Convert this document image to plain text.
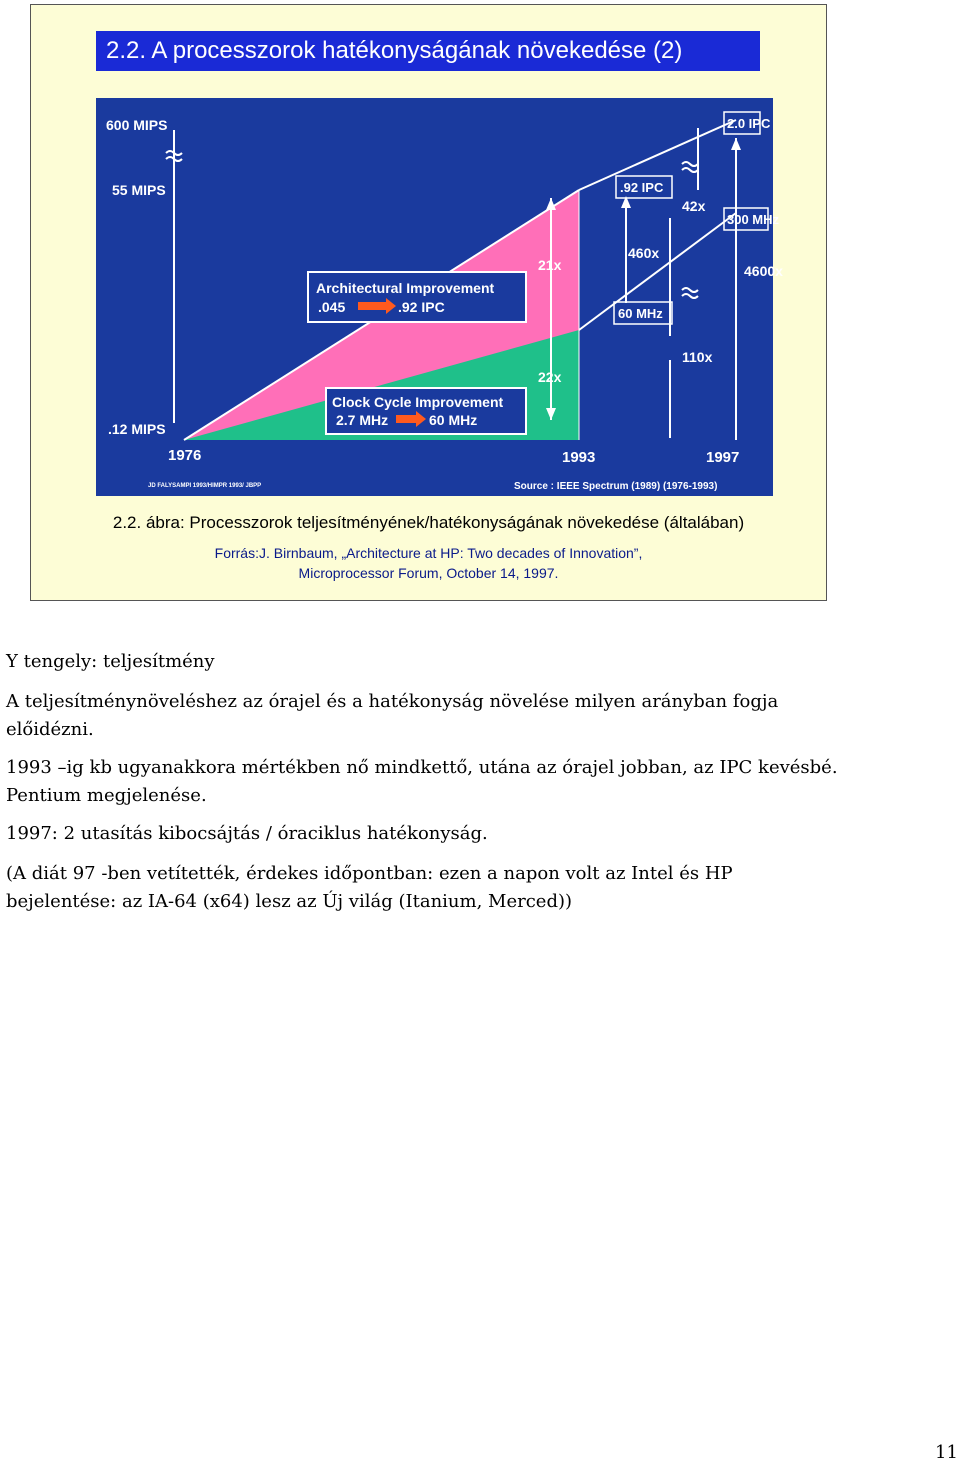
2.2. A processzorok hatékonyságának növekedése (2)
600 MIPS
55 MIPS
.12 MIPS
1976	1993	1997
Architectural Improvement
.045	.92 IPC
Clock Cycle Improvement
2.7 MHz	60 MHz
2.0 IPC
.92 IPC
300 MHz
60 MHz
21x
22x
460x
42x
4600x
110x
JD FALYSAMPI 1993/HIMPR 1993/ JBPP	Source : IEEE Spectrum (1989) (1976-1993)
2.2. ábra: Processzorok teljesítményének/hatékonyságának növekedése (általában)
Forrás:J. Birnbaum, „Architecture at HP: Two decades of Innovation”,
Microprocessor Forum, October 14, 1997.

Y tengely: teljesítmény

A teljesítménynöveléshez az órajel és a hatékonyság növelése milyen arányban fogja előidézni.

1993 –ig kb ugyanakkora mértékben nő mindkettő, utána az órajel jobban, az IPC kevésbé. Pentium megjelenése.

1997: 2 utasítás kibocsájtás / óraciklus hatékonyság.

(A diát 97 -ben vetítették, érdekes időpontban: ezen a napon volt az Intel és HP bejelentése: az IA-64 (x64) lesz az Új világ (Itanium, Merced))

11
